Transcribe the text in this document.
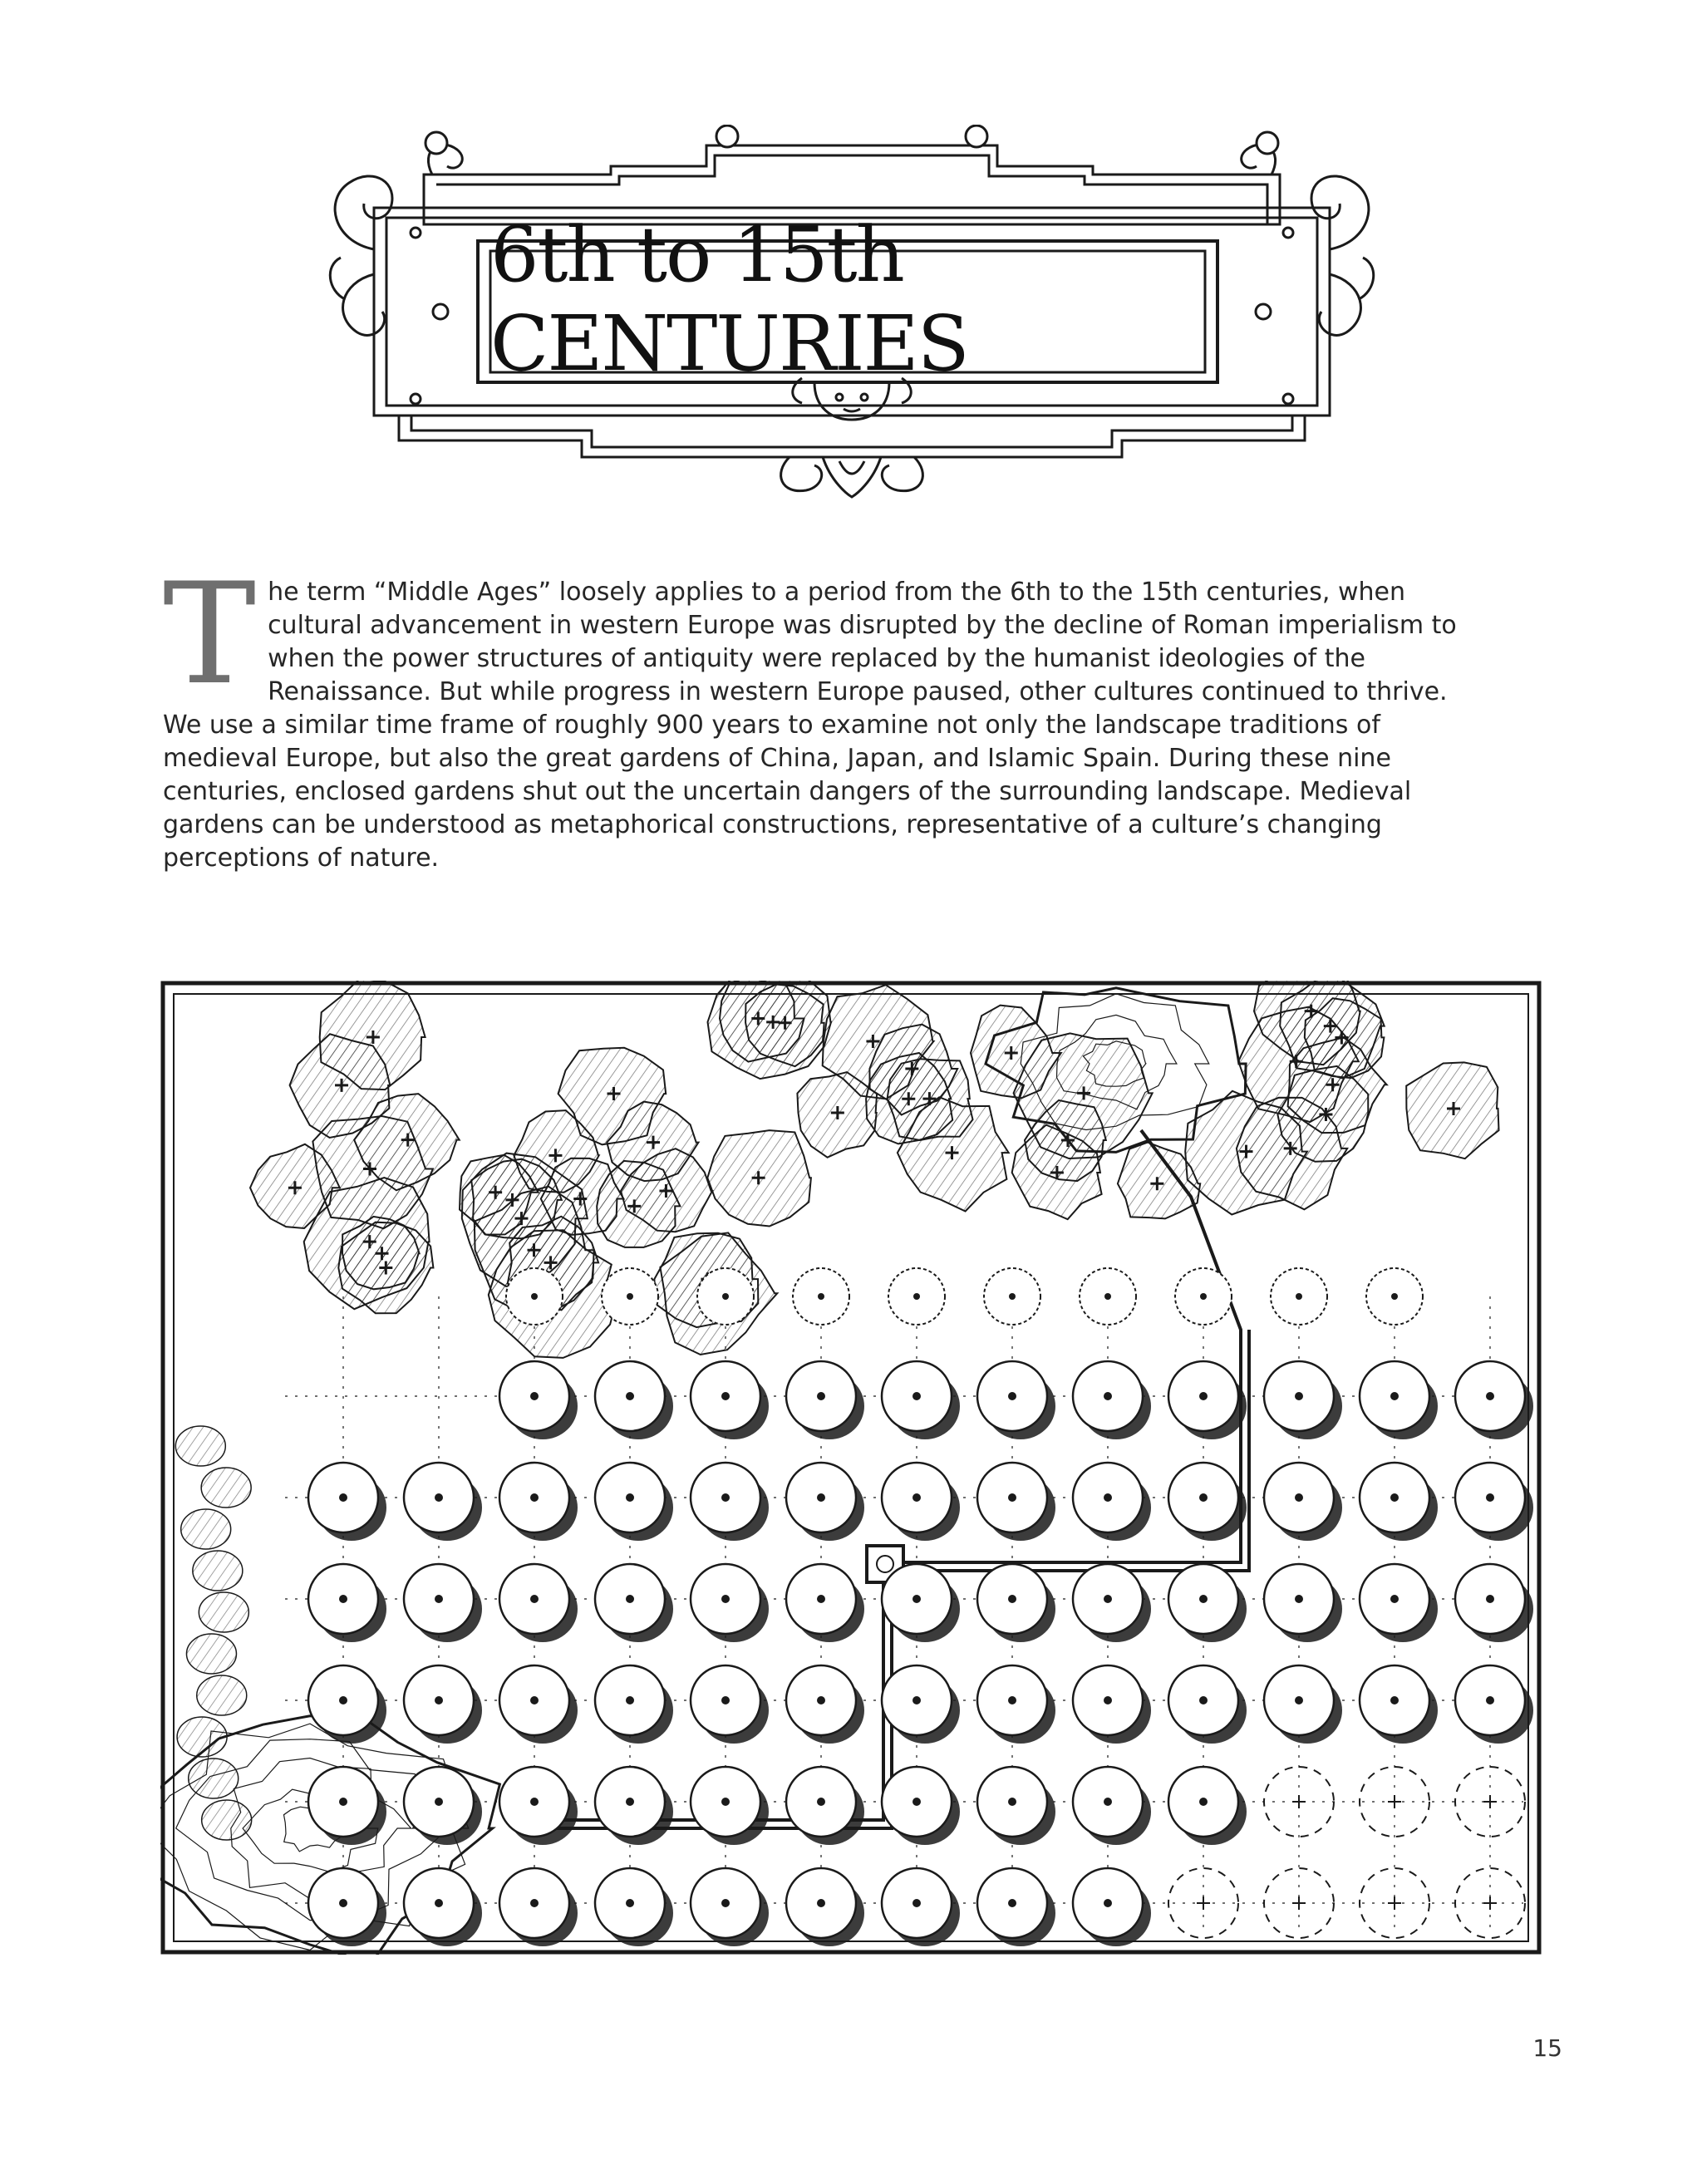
6th to 15th CENTURIES
T he term “Middle Ages” loosely applies to a period from the 6th to the 15th centuries, when cultural advancement in western Europe was disrupted by the decline of Roman imperialism to when the power structures of antiquity were replaced by the humanist ideologies of the Renaissance. But while progress in western Europe paused, other cultures continued to thrive. We use a similar time frame of roughly 900 years to examine not only the landscape traditions of medieval Europe, but also the great gardens of China, Japan, and Islamic Spain. During these nine centuries, enclosed gardens shut out the uncertain dangers of the surrounding landscape. Medieval gardens can be understood as metaphorical constructions, representative of a culture’s changing perceptions of nature.
15
